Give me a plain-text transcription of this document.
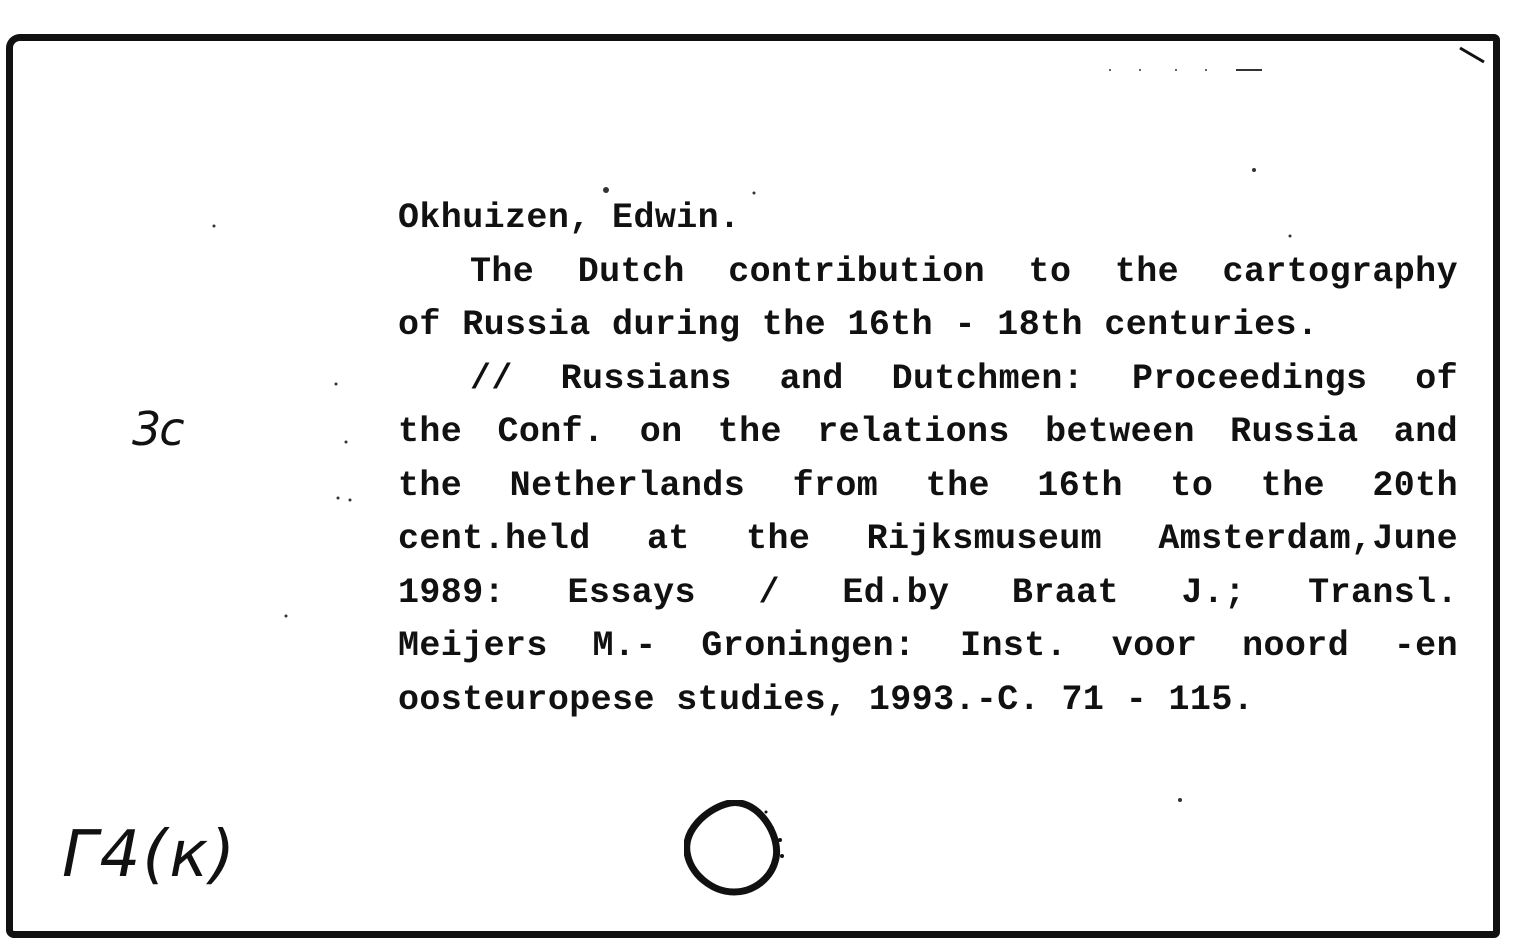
Okhuizen, Edwin.
The Dutch contribution to the cartography
of Russia during the 16th - 18th centuries.
// Russians and Dutchmen: Proceedings of
the Conf. on the relations between Russia and
the Netherlands from the 16th to the 20th
cent.held at the Rijksmuseum Amsterdam,June
1989: Essays / Ed.by Braat J.; Transl.
Meijers M.- Groningen: Inst. voor noord -en
oosteuropese studies, 1993.-C. 71 - 115.
3c
Г4(к)
